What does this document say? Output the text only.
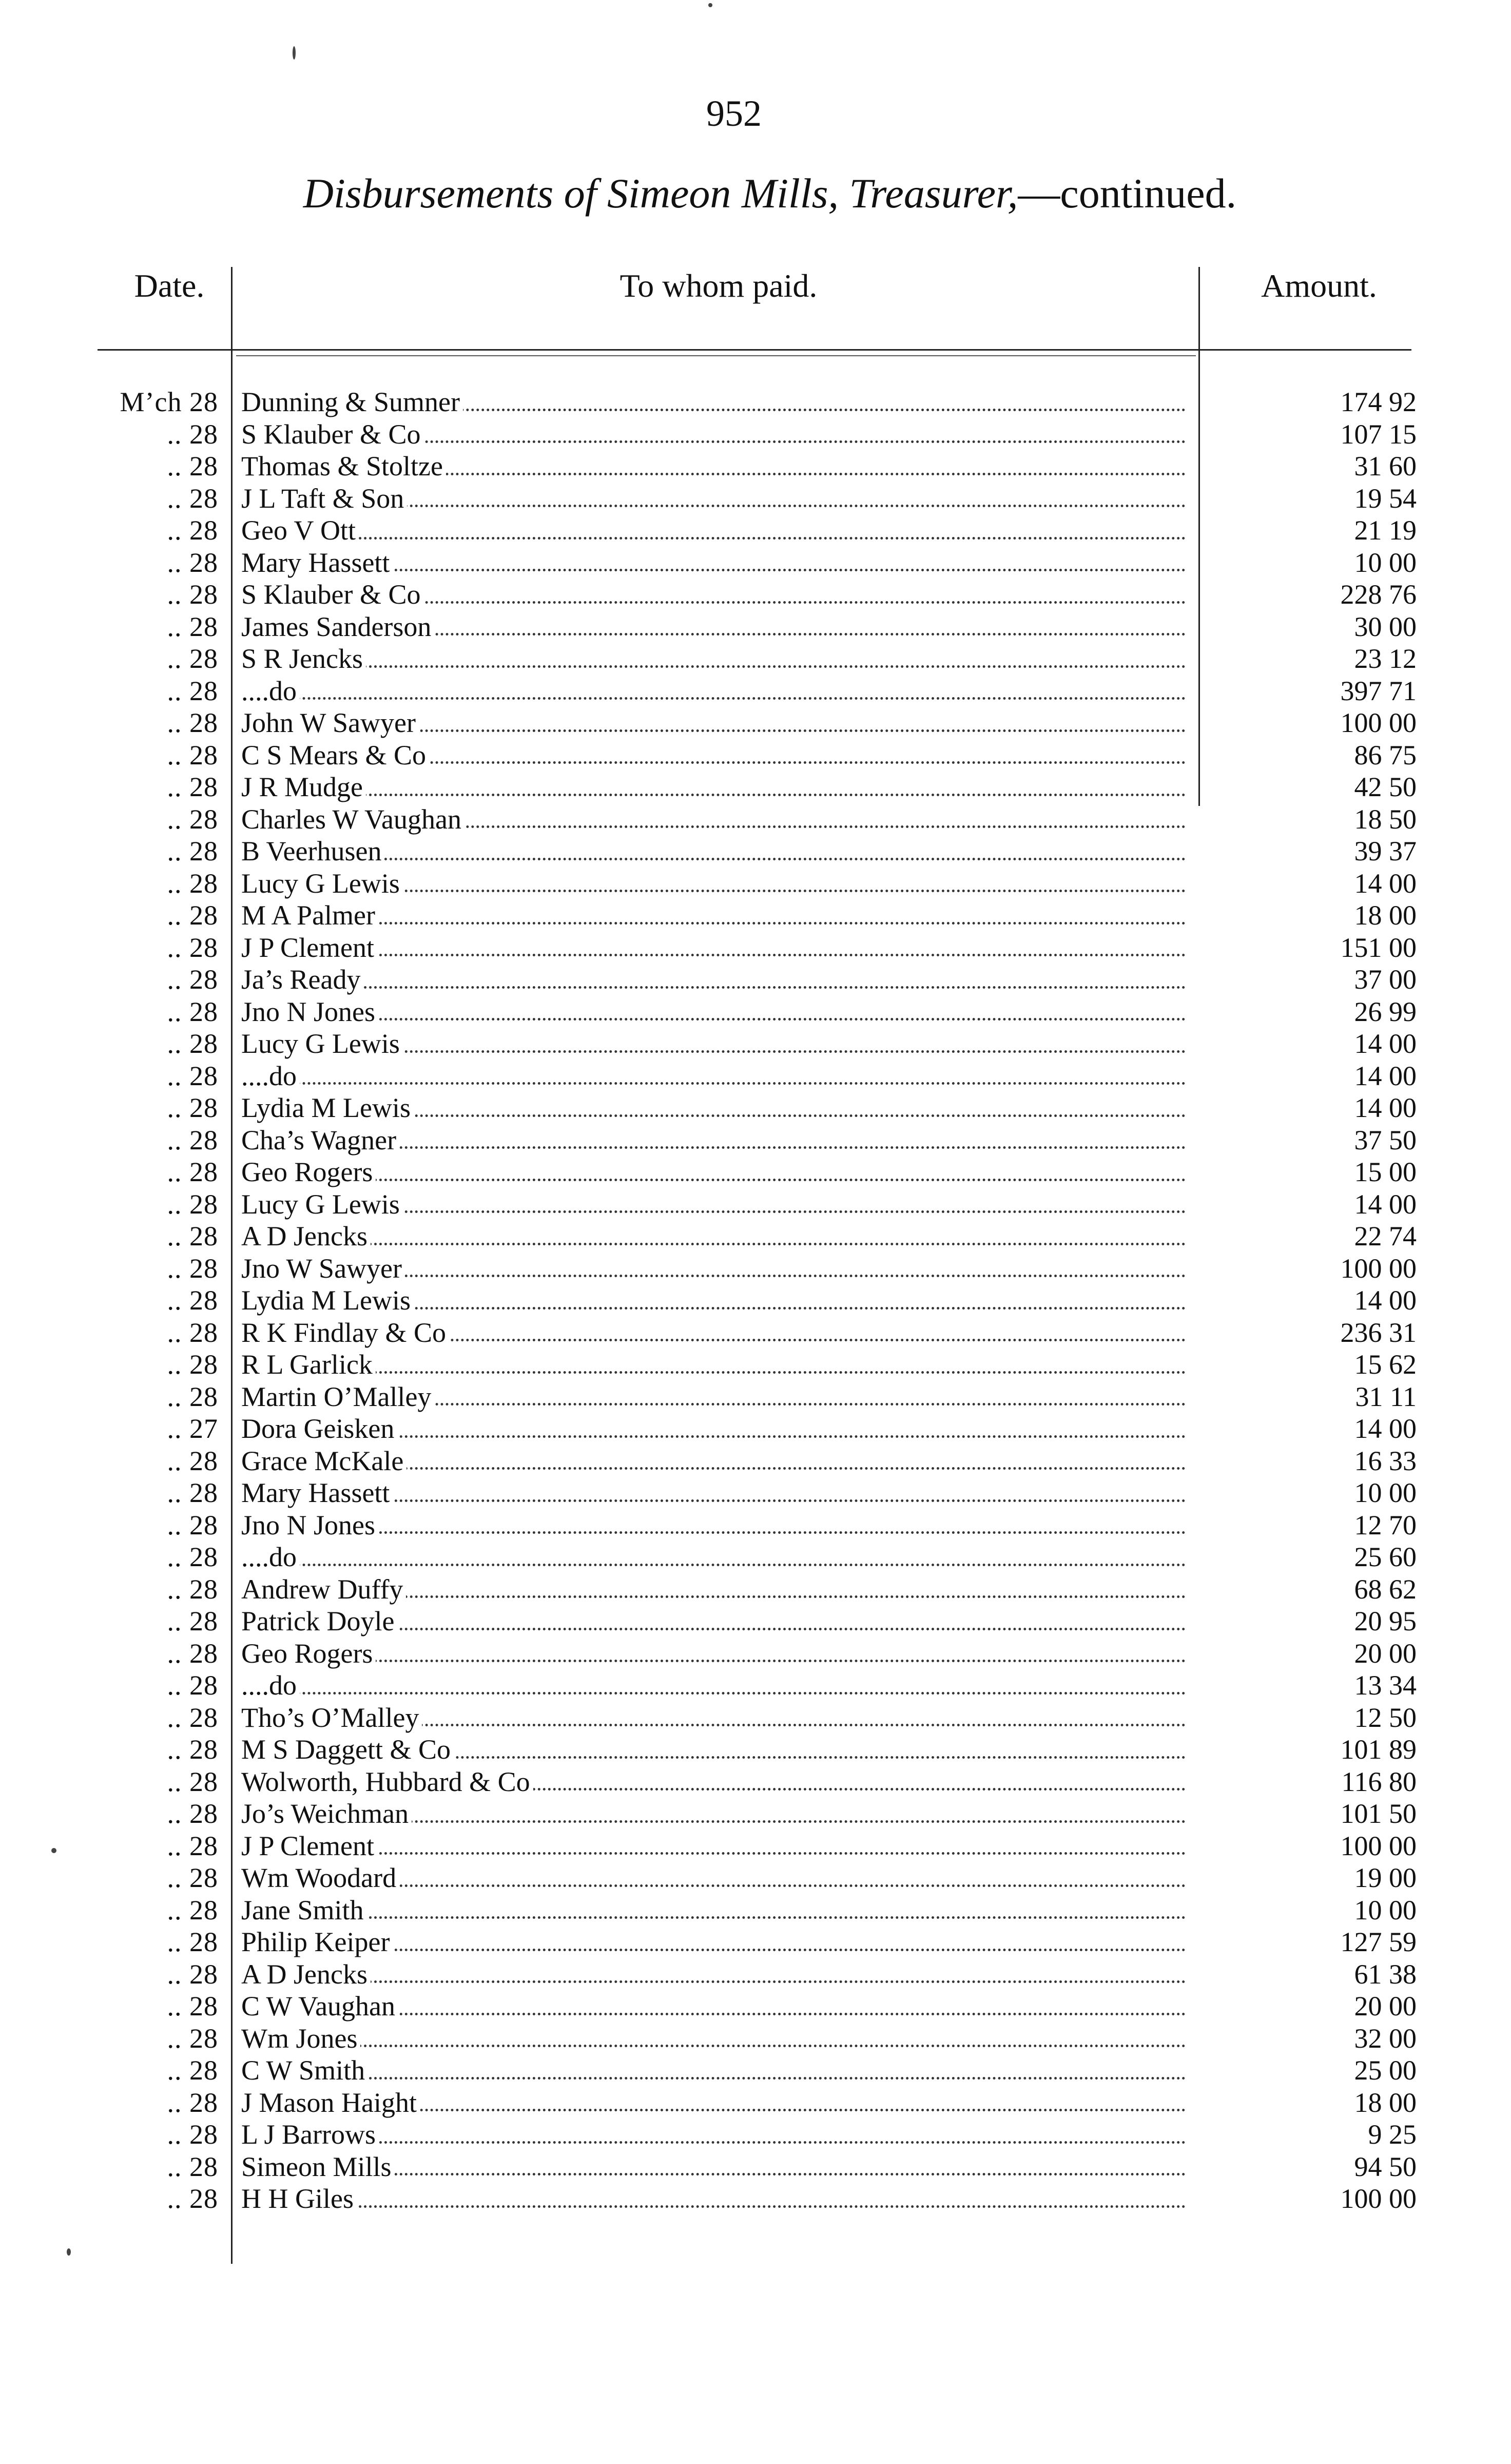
952
Disbursements of Simeon Mills, Treasurer,—continued.
Date.	To whom paid.	Amount.
M’ch 28 Dunning & Sumner	174 92
.. 28 S Klauber & Co	107 15
.. 28 Thomas & Stoltze	31 60
.. 28 J L Taft & Son	19 54
.. 28 Geo V Ott	21 19
.. 28 Mary Hassett	10 00
.. 28 S Klauber & Co	228 76
.. 28 James Sanderson	30 00
.. 28 S R Jencks	23 12
.. 28 ....do	397 71
.. 28 John W Sawyer	100 00
.. 28 C S Mears & Co	86 75
.. 28 J R Mudge	42 50
.. 28 Charles W Vaughan	18 50
.. 28 B Veerhusen	39 37
.. 28 Lucy G Lewis	14 00
.. 28 M A Palmer	18 00
.. 28 J P Clement	151 00
.. 28 Ja’s Ready	37 00
.. 28 Jno N Jones	26 99
.. 28 Lucy G Lewis	14 00
.. 28 ....do	14 00
.. 28 Lydia M Lewis	14 00
.. 28 Cha’s Wagner	37 50
.. 28 Geo Rogers	15 00
.. 28 Lucy G Lewis	14 00
.. 28 A D Jencks	22 74
.. 28 Jno W Sawyer	100 00
.. 28 Lydia M Lewis	14 00
.. 28 R K Findlay & Co	236 31
.. 28 R L Garlick	15 62
.. 28 Martin O’Malley	31 11
.. 27 Dora Geisken	14 00
.. 28 Grace McKale	16 33
.. 28 Mary Hassett	10 00
.. 28 Jno N Jones	12 70
.. 28 ....do	25 60
.. 28 Andrew Duffy	68 62
.. 28 Patrick Doyle	20 95
.. 28 Geo Rogers	20 00
.. 28 ....do	13 34
.. 28 Tho’s O’Malley	12 50
.. 28 M S Daggett & Co	101 89
.. 28 Wolworth, Hubbard & Co	116 80
.. 28 Jo’s Weichman	101 50
.. 28 J P Clement	100 00
.. 28 Wm Woodard	19 00
.. 28 Jane Smith	10 00
.. 28 Philip Keiper	127 59
.. 28 A D Jencks	61 38
.. 28 C W Vaughan	20 00
.. 28 Wm Jones	32 00
.. 28 C W Smith	25 00
.. 28 J Mason Haight	18 00
.. 28 L J Barrows	9 25
.. 28 Simeon Mills	94 50
.. 28 H H Giles	100 00
